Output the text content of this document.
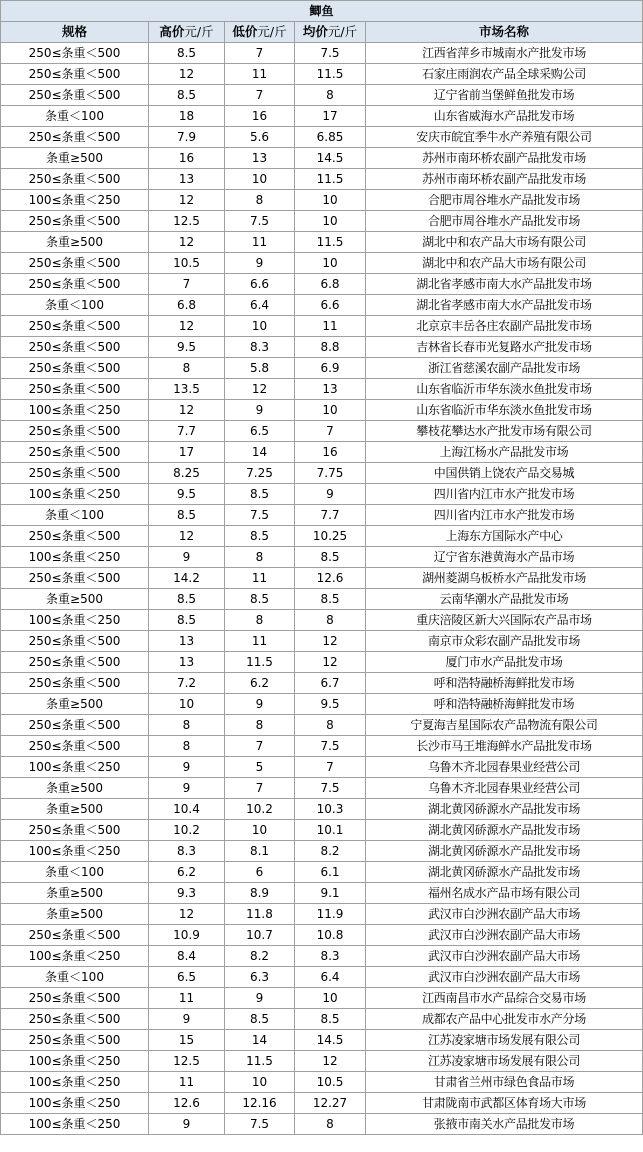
鲫鱼				
规格	高价元/斤	低价元/斤	均价元/斤	市场名称
250≤条重＜500	8.5	7	7.5	江西省萍乡市城南水产批发市场
250≤条重＜500	12	11	11.5	石家庄雨润农产品全球采购公司
250≤条重＜500	8.5	7	8	辽宁省前当堡鲜鱼批发市场
条重＜100	18	16	17	山东省威海水产品批发市场
250≤条重＜500	7.9	5.6	6.85	安庆市皖宜季牛水产养殖有限公司
条重≥500	16	13	14.5	苏州市南环桥农副产品批发市场
250≤条重＜500	13	10	11.5	苏州市南环桥农副产品批发市场
100≤条重＜250	12	8	10	合肥市周谷堆水产品批发市场
250≤条重＜500	12.5	7.5	10	合肥市周谷堆水产品批发市场
条重≥500	12	11	11.5	湖北中和农产品大市场有限公司
250≤条重＜500	10.5	9	10	湖北中和农产品大市场有限公司
250≤条重＜500	7	6.6	6.8	湖北省孝感市南大水产品批发市场
条重＜100	6.8	6.4	6.6	湖北省孝感市南大水产品批发市场
250≤条重＜500	12	10	11	北京京丰岳各庄农副产品批发市场
250≤条重＜500	9.5	8.3	8.8	吉林省长春市光复路水产批发市场
250≤条重＜500	8	5.8	6.9	浙江省慈溪农副产品批发市场
250≤条重＜500	13.5	12	13	山东省临沂市华东淡水鱼批发市场
100≤条重＜250	12	9	10	山东省临沂市华东淡水鱼批发市场
250≤条重＜500	7.7	6.5	7	攀枝花攀达水产批发市场有限公司
250≤条重＜500	17	14	16	上海江杨水产品批发市场
250≤条重＜500	8.25	7.25	7.75	中国供销上饶农产品交易城
100≤条重＜250	9.5	8.5	9	四川省内江市水产批发市场
条重＜100	8.5	7.5	7.7	四川省内江市水产批发市场
250≤条重＜500	12	8.5	10.25	上海东方国际水产中心
100≤条重＜250	9	8	8.5	辽宁省东港黄海水产品市场
250≤条重＜500	14.2	11	12.6	湖州菱湖乌板桥水产品批发市场
条重≥500	8.5	8.5	8.5	云南华潮水产品批发市场
100≤条重＜250	8.5	8	8	重庆涪陵区新大兴国际农产品市场
250≤条重＜500	13	11	12	南京市众彩农副产品批发市场
250≤条重＜500	13	11.5	12	厦门市水产品批发市场
250≤条重＜500	7.2	6.2	6.7	呼和浩特融桥海鲜批发市场
条重≥500	10	9	9.5	呼和浩特融桥海鲜批发市场
250≤条重＜500	8	8	8	宁夏海吉星国际农产品物流有限公司
250≤条重＜500	8	7	7.5	长沙市马王堆海鲜水产品批发市场
100≤条重＜250	9	5	7	乌鲁木齐北园春果业经营公司
条重≥500	9	7	7.5	乌鲁木齐北园春果业经营公司
条重≥500	10.4	10.2	10.3	湖北黄冈硚源水产品批发市场
250≤条重＜500	10.2	10	10.1	湖北黄冈硚源水产品批发市场
100≤条重＜250	8.3	8.1	8.2	湖北黄冈硚源水产品批发市场
条重＜100	6.2	6	6.1	湖北黄冈硚源水产品批发市场
条重≥500	9.3	8.9	9.1	福州名成水产品市场有限公司
条重≥500	12	11.8	11.9	武汉市白沙洲农副产品大市场
250≤条重＜500	10.9	10.7	10.8	武汉市白沙洲农副产品大市场
100≤条重＜250	8.4	8.2	8.3	武汉市白沙洲农副产品大市场
条重＜100	6.5	6.3	6.4	武汉市白沙洲农副产品大市场
250≤条重＜500	11	9	10	江西南昌市水产品综合交易市场
250≤条重＜500	9	8.5	8.5	成都农产品中心批发市水产分场
250≤条重＜500	15	14	14.5	江苏凌家塘市场发展有限公司
100≤条重＜250	12.5	11.5	12	江苏凌家塘市场发展有限公司
100≤条重＜250	11	10	10.5	甘肃省兰州市绿色食品市场
100≤条重＜250	12.6	12.16	12.27	甘肃陇南市武都区体育场大市场
100≤条重＜250	9	7.5	8	张掖市南关水产品批发市场
